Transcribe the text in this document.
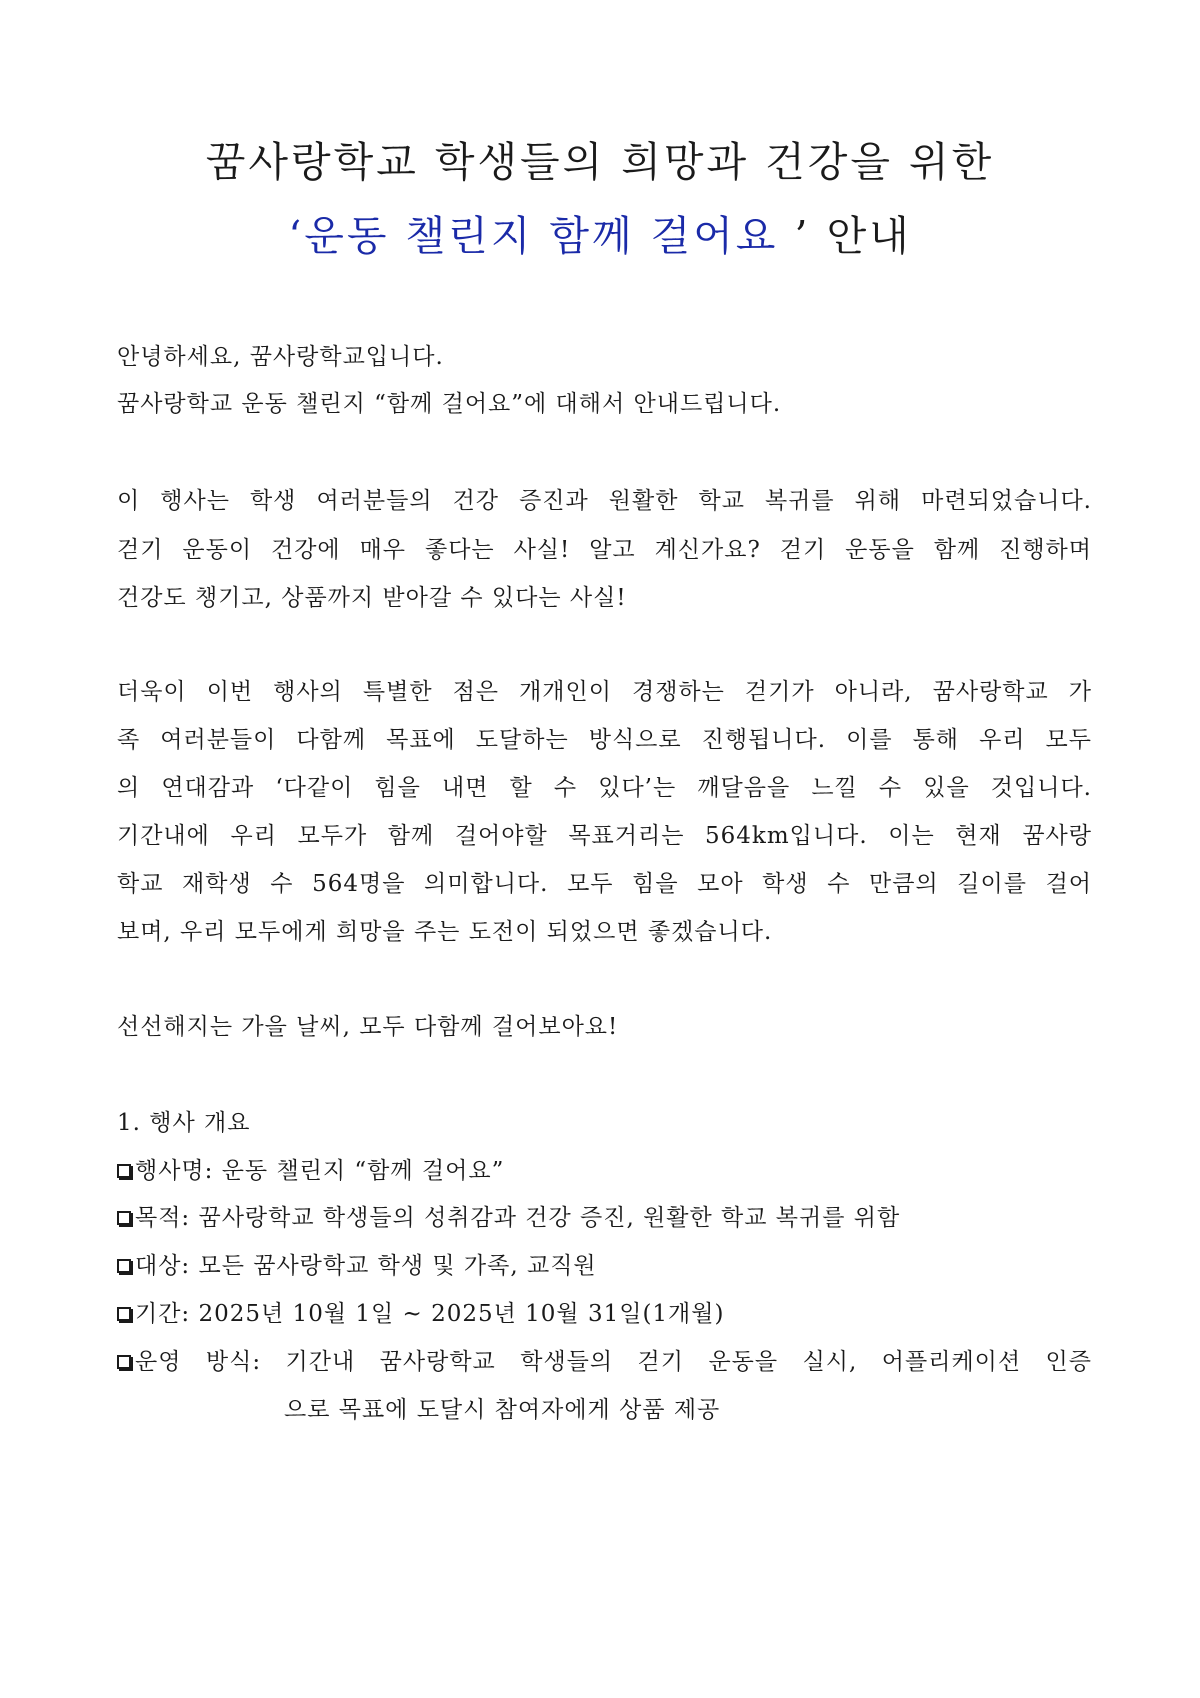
꿈사랑학교 학생들의 희망과 건강을 위한
‘운동 챌린지 함께 걸어요 ’ 안내
안녕하세요, 꿈사랑학교입니다.
꿈사랑학교 운동 챌린지 “함께 걸어요”에 대해서 안내드립니다.
이 행사는 학생 여러분들의 건강 증진과 원활한 학교 복귀를 위해 마련되었습니다.
걷기 운동이 건강에 매우 좋다는 사실! 알고 계신가요? 걷기 운동을 함께 진행하며
건강도 챙기고, 상품까지 받아갈 수 있다는 사실!
더욱이 이번 행사의 특별한 점은 개개인이 경쟁하는 걷기가 아니라, 꿈사랑학교 가
족 여러분들이 다함께 목표에 도달하는 방식으로 진행됩니다. 이를 통해 우리 모두
의 연대감과 ‘다같이 힘을 내면 할 수 있다’는 깨달음을 느낄 수 있을 것입니다.
기간내에 우리 모두가 함께 걸어야할 목표거리는 564km입니다. 이는 현재 꿈사랑
학교 재학생 수 564명을 의미합니다. 모두 힘을 모아 학생 수 만큼의 길이를 걸어
보며, 우리 모두에게 희망을 주는 도전이 되었으면 좋겠습니다.
선선해지는 가을 날씨, 모두 다함께 걸어보아요!
1. 행사 개요
행사명: 운동 챌린지 “함께 걸어요”
목적: 꿈사랑학교 학생들의 성취감과 건강 증진, 원활한 학교 복귀를 위함
대상: 모든 꿈사랑학교 학생 및 가족, 교직원
기간: 2025년 10월 1일 ~ 2025년 10월 31일(1개월)
운영 방식: 기간내 꿈사랑학교 학생들의 걷기 운동을 실시, 어플리케이션 인증
으로 목표에 도달시 참여자에게 상품 제공
